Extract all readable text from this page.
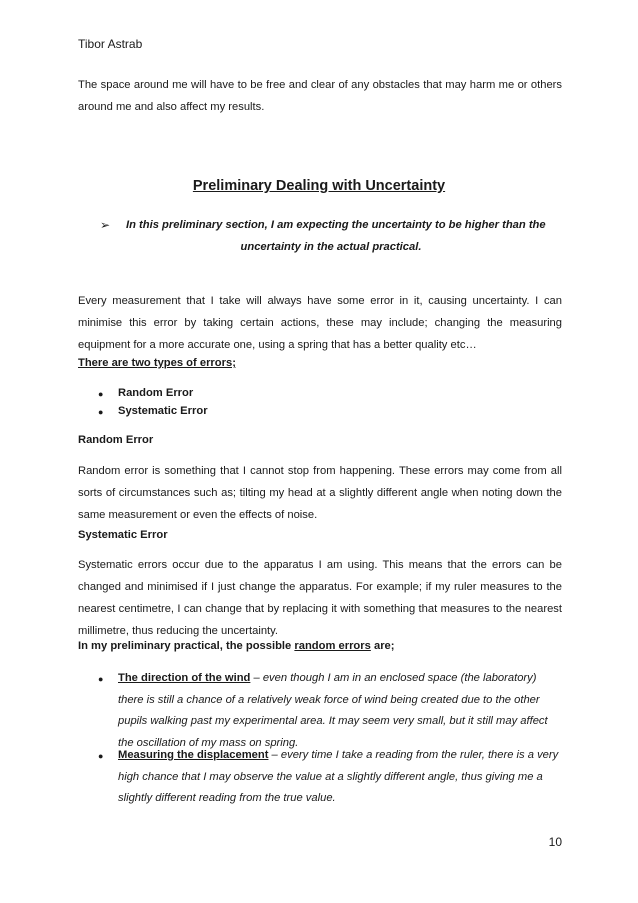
Tibor Astrab
The space around me will have to be free and clear of any obstacles that may harm me or others around me and also affect my results.
Preliminary Dealing with Uncertainty
➢ In this preliminary section, I am expecting the uncertainty to be higher than the
uncertainty in the actual practical.
Every measurement that I take will always have some error in it, causing uncertainty. I can minimise this error by taking certain actions, these may include; changing the measuring equipment for a more accurate one, using a spring that has a better quality etc…
There are two types of errors;
● Random Error
● Systematic Error
Random Error
Random error is something that I cannot stop from happening. These errors may come from all sorts of circumstances such as; tilting my head at a slightly different angle when noting down the same measurement or even the effects of noise.
Systematic Error
Systematic errors occur due to the apparatus I am using. This means that the errors can be changed and minimised if I just change the apparatus. For example; if my ruler measures to the nearest centimetre, I can change that by replacing it with something that measures to the nearest millimetre, thus reducing the uncertainty.
In my preliminary practical, the possible random errors are;
● The direction of the wind – even though I am in an enclosed space (the laboratory) there is still a chance of a relatively weak force of wind being created due to the other pupils walking past my experimental area. It may seem very small, but it still may affect the oscillation of my mass on spring.
● Measuring the displacement – every time I take a reading from the ruler, there is a very high chance that I may observe the value at a slightly different angle, thus giving me a slightly different reading from the true value.
10
